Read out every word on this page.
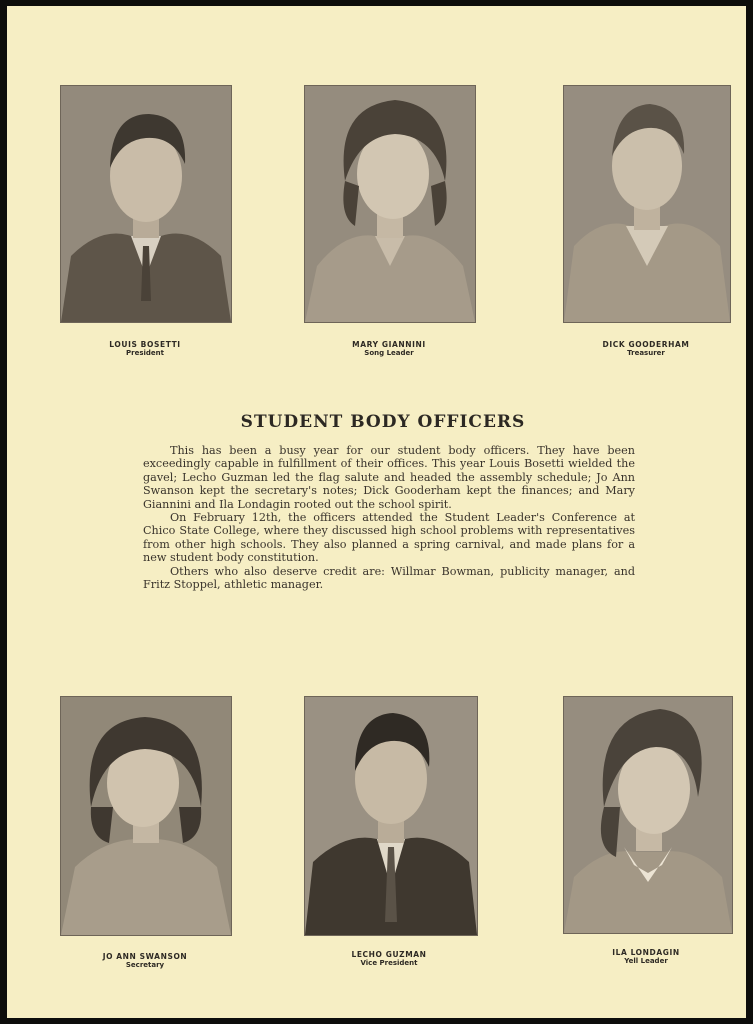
LOUIS BOSETTI
President
MARY GIANNINI
Song Leader
DICK GOODERHAM
Treasurer
STUDENT BODY OFFICERS

This has been a busy year for our student body officers. They have been exceedingly capable in fulfillment of their offices. This year Louis Bosetti wielded the gavel; Lecho Guzman led the flag salute and headed the assembly schedule; Jo Ann Swanson kept the secretary's notes; Dick Gooderham kept the finances; and Mary Giannini and Ila Londagin rooted out the school spirit.

On February 12th, the officers attended the Student Leader's Conference at Chico State College, where they discussed high school problems with representatives from other high schools. They also planned a spring carnival, and made plans for a new student body constitution.

Others who also deserve credit are: Willmar Bowman, publicity manager, and Fritz Stoppel, athletic manager.

JO ANN SWANSON
Secretary
LECHO GUZMAN
Vice President
ILA LONDAGIN
Yell Leader
